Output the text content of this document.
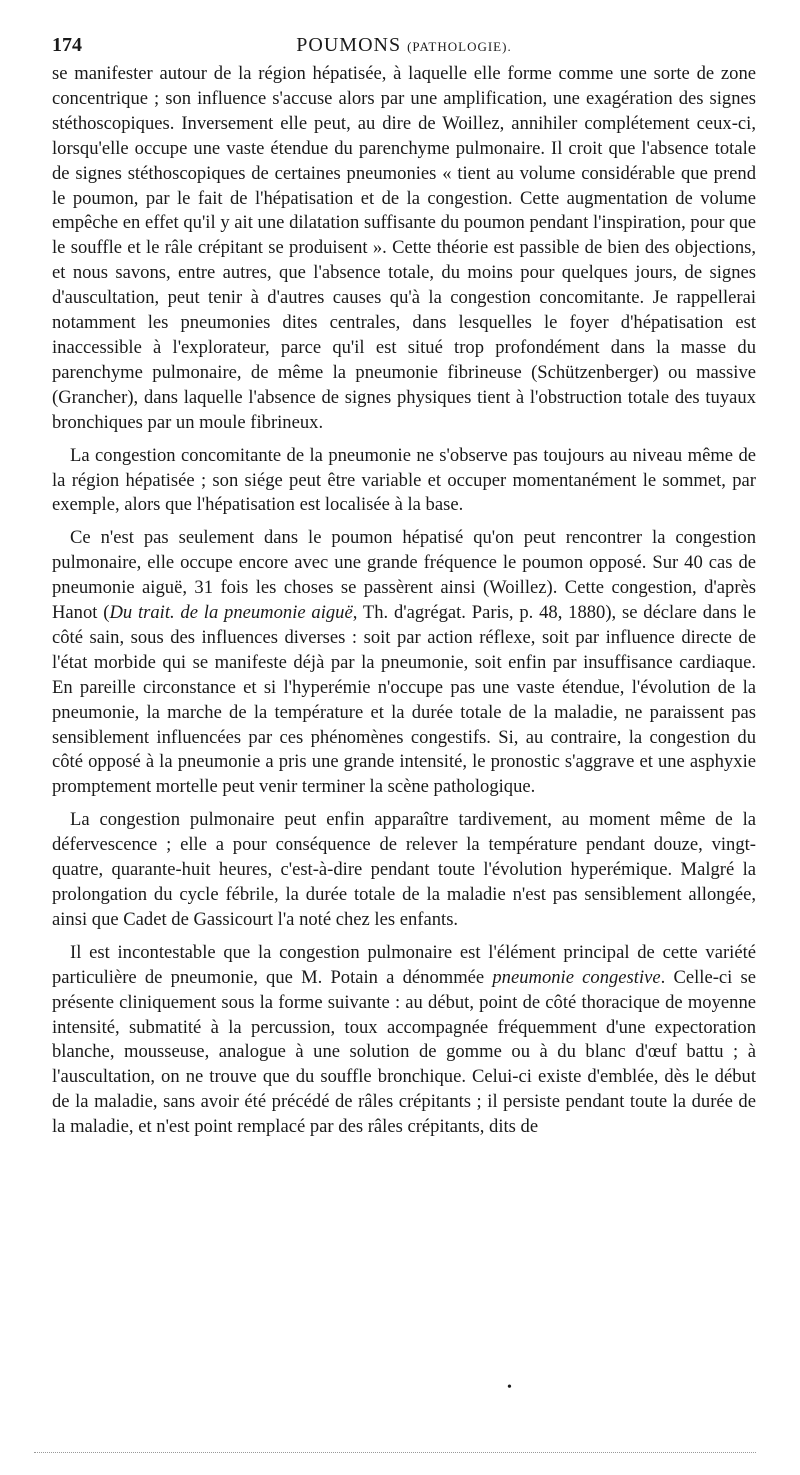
174	POUMONS (PATHOLOGIE).

se manifester autour de la région hépatisée, à laquelle elle forme comme une sorte de zone concentrique ; son influence s'accuse alors par une amplification, une exagération des signes stéthoscopiques. Inversement elle peut, au dire de Woillez, annihiler complétement ceux-ci, lorsqu'elle occupe une vaste étendue du parenchyme pulmonaire. Il croit que l'absence totale de signes stéthoscopiques de certaines pneumonies « tient au volume considérable que prend le poumon, par le fait de l'hépatisation et de la congestion. Cette augmentation de volume empêche en effet qu'il y ait une dilatation suffisante du poumon pendant l'inspiration, pour que le souffle et le râle crépitant se produisent ». Cette théorie est passible de bien des objections, et nous savons, entre autres, que l'absence totale, du moins pour quelques jours, de signes d'auscultation, peut tenir à d'autres causes qu'à la congestion concomitante. Je rappellerai notamment les pneumonies dites centrales, dans lesquelles le foyer d'hépatisation est inaccessible à l'explorateur, parce qu'il est situé trop profondément dans la masse du parenchyme pulmonaire, de même la pneumonie fibrineuse (Schützenberger) ou massive (Grancher), dans laquelle l'absence de signes physiques tient à l'obstruction totale des tuyaux bronchiques par un moule fibrineux.

La congestion concomitante de la pneumonie ne s'observe pas toujours au niveau même de la région hépatisée ; son siége peut être variable et occuper momentanément le sommet, par exemple, alors que l'hépatisation est localisée à la base.

Ce n'est pas seulement dans le poumon hépatisé qu'on peut rencontrer la congestion pulmonaire, elle occupe encore avec une grande fréquence le poumon opposé. Sur 40 cas de pneumonie aiguë, 31 fois les choses se passèrent ainsi (Woillez). Cette congestion, d'après Hanot (Du trait. de la pneumonie aiguë, Th. d'agrégat. Paris, p. 48, 1880), se déclare dans le côté sain, sous des influences diverses : soit par action réflexe, soit par influence directe de l'état morbide qui se manifeste déjà par la pneumonie, soit enfin par insuffisance cardiaque. En pareille circonstance et si l'hyperémie n'occupe pas une vaste étendue, l'évolution de la pneumonie, la marche de la température et la durée totale de la maladie, ne paraissent pas sensiblement influencées par ces phénomènes congestifs. Si, au contraire, la congestion du côté opposé à la pneumonie a pris une grande intensité, le pronostic s'aggrave et une asphyxie promptement mortelle peut venir terminer la scène pathologique.

La congestion pulmonaire peut enfin apparaître tardivement, au moment même de la défervescence ; elle a pour conséquence de relever la température pendant douze, vingt-quatre, quarante-huit heures, c'est-à-dire pendant toute l'évolution hyperémique. Malgré la prolongation du cycle fébrile, la durée totale de la maladie n'est pas sensiblement allongée, ainsi que Cadet de Gassicourt l'a noté chez les enfants.

Il est incontestable que la congestion pulmonaire est l'élément principal de cette variété particulière de pneumonie, que M. Potain a dénommée pneumonie congestive. Celle-ci se présente cliniquement sous la forme suivante : au début, point de côté thoracique de moyenne intensité, submatité à la percussion, toux accompagnée fréquemment d'une expectoration blanche, mousseuse, analogue à une solution de gomme ou à du blanc d'œuf battu ; à l'auscultation, on ne trouve que du souffle bronchique. Celui-ci existe d'emblée, dès le début de la maladie, sans avoir été précédé de râles crépitants ; il persiste pendant toute la durée de la maladie, et n'est point remplacé par des râles crépitants, dits de

•
